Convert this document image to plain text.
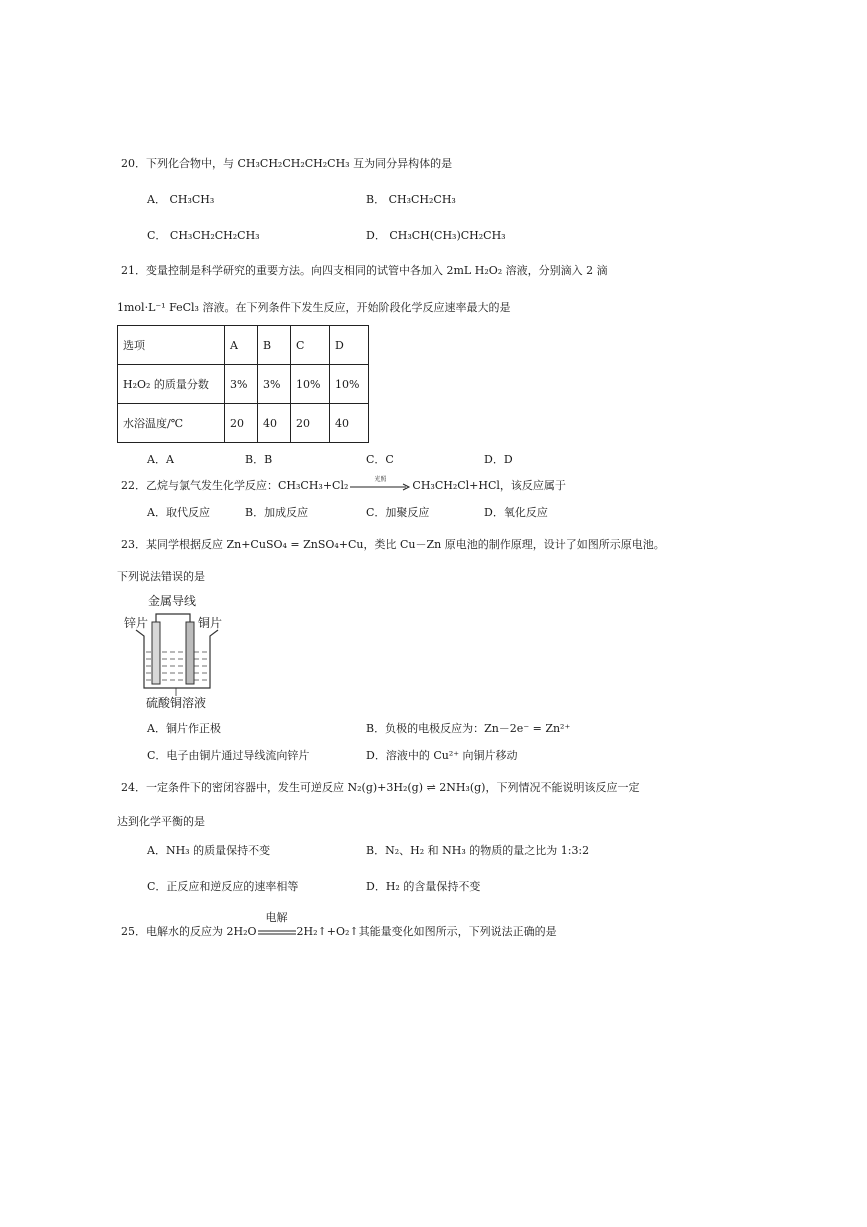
20．下列化合物中，与 CH₃CH₂CH₂CH₂CH₃ 互为同分异构体的是
A． CH₃CH₃	B． CH₃CH₂CH₃
C． CH₃CH₂CH₂CH₃	D． CH₃CH(CH₃)CH₂CH₃
21．变量控制是科学研究的重要方法。向四支相同的试管中各加入 2mL H₂O₂ 溶液，分别滴入 2 滴
1mol·L⁻¹ FeCl₃ 溶液。在下列条件下发生反应，开始阶段化学反应速率最大的是
选项	A	B	C	D
H₂O₂ 的质量分数	3%	3%	10%	10%
水浴温度/℃	20	40	20	40
A．A	B．B	C．C	D．D
22．乙烷与氯气发生化学反应：CH₃CH₃+Cl₂	光照	CH₃CH₂Cl+HCl，该反应属于
A．取代反应	B．加成反应	C．加聚反应	D．氧化反应
23．某同学根据反应 Zn+CuSO₄ = ZnSO₄+Cu，类比 Cu－Zn 原电池的制作原理，设计了如图所示原电池。
下列说法错误的是
金属导线
锌片	铜片
硫酸铜溶液
A．铜片作正极	B．负极的电极反应为：Zn－2e⁻ = Zn²⁺
C．电子由铜片通过导线流向锌片	D．溶液中的 Cu²⁺ 向铜片移动
24．一定条件下的密闭容器中，发生可逆反应 N₂(g)+3H₂(g) ⇌ 2NH₃(g)，下列情况不能说明该反应一定
达到化学平衡的是
A．NH₃ 的质量保持不变	B．N₂、H₂ 和 NH₃ 的物质的量之比为 1:3:2
C．正反应和逆反应的速率相等	D．H₂ 的含量保持不变
25．电解水的反应为 2H₂O
电解
2H₂↑+O₂↑其能量变化如图所示，下列说法正确的是
